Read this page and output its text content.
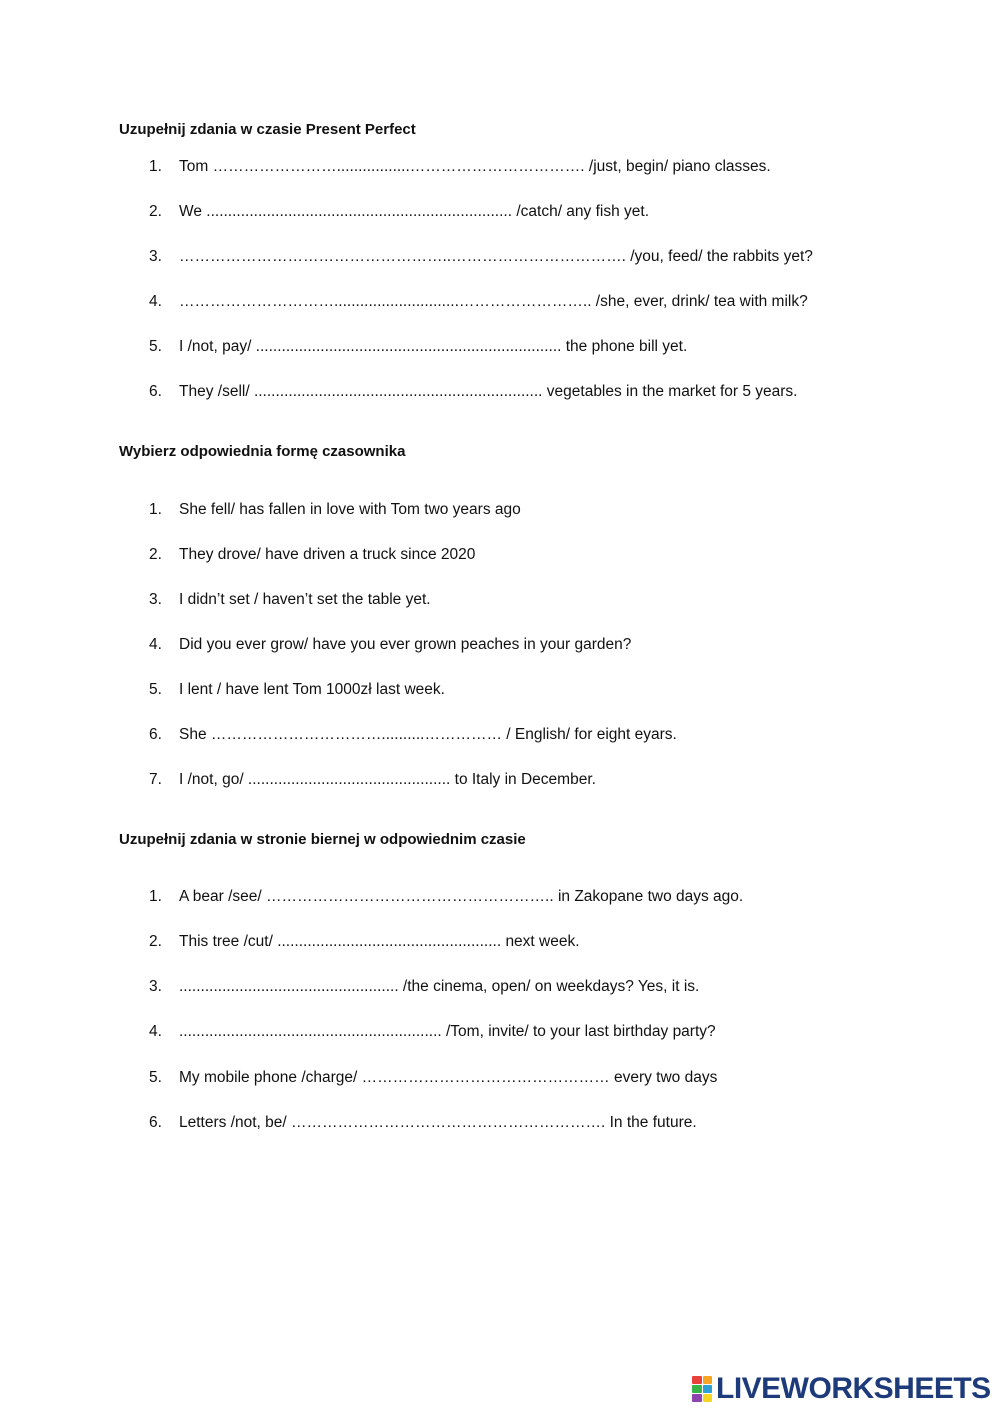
Uzupełnij zdania w czasie Present Perfect
1. Tom …………………….................……………………………. /just, begin/ piano classes.
2. We ....................................................................... /catch/ any fish yet.
3. ……………………………………………..……………………………. /you, feed/ the rabbits yet?
4. ………………………….............................…………………….. /she, ever, drink/ tea with milk?
5. I /not, pay/ ....................................................................... the phone bill yet.
6. They /sell/ ................................................................... vegetables in the market for 5 years.
Wybierz odpowiednia formę czasownika
1. She fell/ has fallen in love with Tom two years ago
2. They drove/ have driven a truck since 2020
3. I didn’t set / haven’t set the table yet.
4. Did you ever grow/ have you ever grown peaches in your garden?
5. I lent / have lent Tom 1000zł last week.
6. She ……………………………..........…………… / English/ for eight eyars.
7. I /not, go/ ............................................... to Italy in December.
Uzupełnij zdania w stronie biernej w odpowiednim czasie
1. A bear /see/ ……………………………………………….. in Zakopane two days ago.
2. This tree /cut/ .................................................... next week.
3. ................................................... /the cinema, open/ on weekdays? Yes, it is.
4. ............................................................. /Tom, invite/ to your last birthday party?
5. My mobile phone /charge/ ………………………………………… every two days
6. Letters /not, be/ ……………………………………………………. In the future.
LIVEWORKSHEETS
